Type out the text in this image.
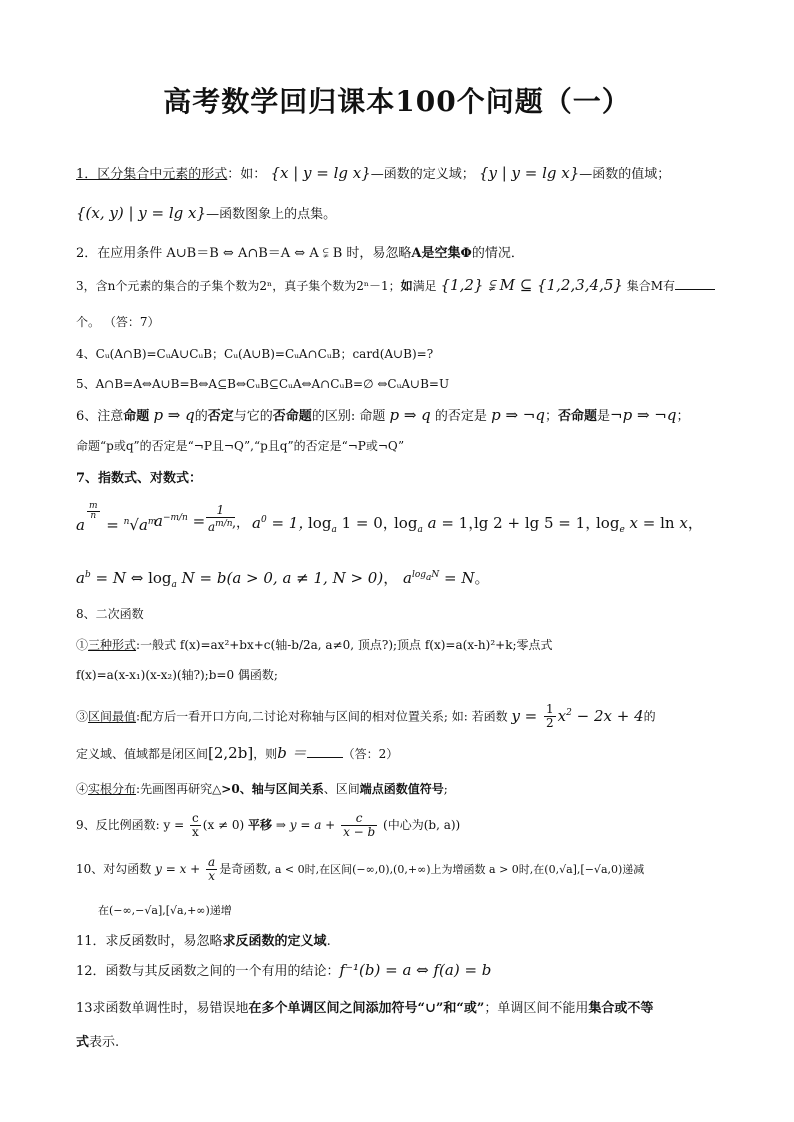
高考数学回归课本100个问题（一）
1．区分集合中元素的形式：如： {x | y = lg x}—函数的定义域； {y | y = lg x}—函数的值域；
{(x, y) | y = lg x}—函数图象上的点集。
2．在应用条件 A∪B＝B ⇔ A∩B＝A ⇔ A ⫋ B 时，易忽略A是空集Φ的情况．
3，含n个元素的集合的子集个数为2ⁿ，真子集个数为2ⁿ－1；如满足 {1,2} ⫋ M ⊆ {1,2,3,4,5} 集合M有
个。 （答：7）
4、Cᵤ(A∩B)=CᵤA∪CᵤB；Cᵤ(A∪B)=CᵤA∩CᵤB；card(A∪B)=?
5、A∩B=A⇔A∪B=B⇔A⊆B⇔CᵤB⊆CᵤA⇔A∩CᵤB=∅ ⇔CᵤA∪B=U
6、注意命题 p ⇒ q的否定与它的否命题的区别: 命题 p ⇒ q 的否定是 p ⇒ ¬q；否命题是¬p ⇒ ¬q；
命题“p或q”的否定是“¬P且¬Q”,“p且q”的否定是“¬P或¬Q”
7、指数式、对数式：
a
$^{\frac{m}{n}}$
= $^n√a^m$
$a^{-m/n} = \frac{1}{a^{m/n}}$
,， $a^0 = 1$，
$\log_a 1 = 0$，
$\log_a a = 1$，
lg 2 + lg 5 = 1，
$\log_e x = \ln x$，
$a^b = N$ ⇔ $\log_a N = b(a > 0$, a ≠ 1, N > 0)， $a^{log_aN} = N$。
8、二次函数
①三种形式:一般式 f(x)=ax²+bx+c(轴-b/2a, a≠0, 顶点?);顶点 f(x)=a(x-h)²+k;零点式
f(x)=a(x-x₁)(x-x₂)(轴?);b=0 偶函数;
③区间最值:配方后一看开口方向,二讨论对称轴与区间的相对位置关系; 如: 若函数 $y = \frac{1}{2} x^2 - 2x + 4$的
定义域、值域都是闭区间[2,2b]，则b ＝	（答：2）
④实根分布:先画图再研究△>0、轴与区间关系、区间端点函数值符号;
9、反比例函数: $y = \frac{c}{x} (x \ne 0)$ 平移 ⇒ $y = a + \frac{c}{x - b}$ (中心为(b, a))
10、对勾函数 $y = x + \frac{a}{x}$ 是奇函数, a < 0时,在区间(−∞,0),(0,+∞)上为增函数 a > 0时,在(0,√a],[−√a,0)递减
在(−∞,−√a],[√a,+∞)递增
11．求反函数时，易忽略求反函数的定义域.
12．函数与其反函数之间的一个有用的结论：f⁻¹(b) = a ⇔ f(a) = b
13求函数单调性时，易错误地在多个单调区间之间添加符号“∪”和“或”；单调区间不能用集合或不等
式表示.
